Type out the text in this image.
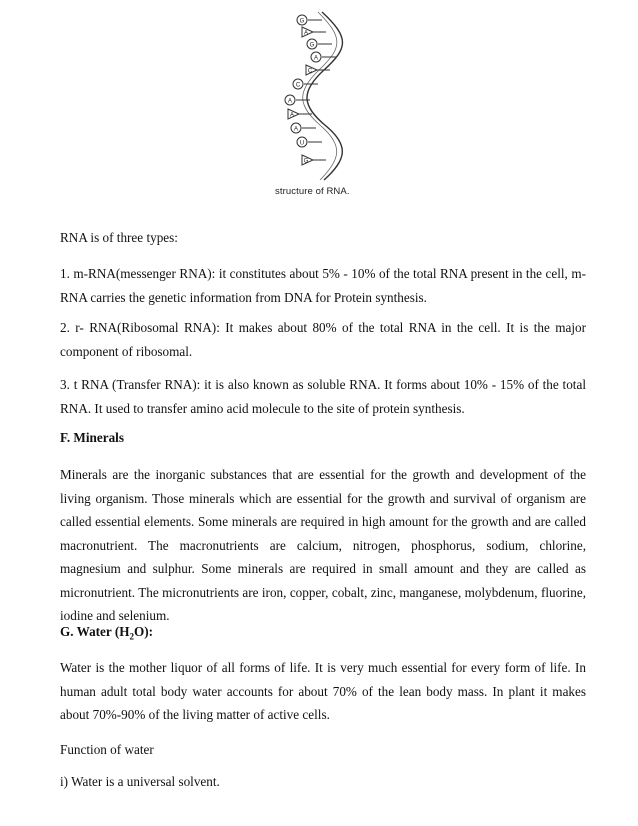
G
A
G
A
C
C
A
A
A
U
G
structure of RNA.

RNA is of three types:

1. m-RNA(messenger RNA): it constitutes about 5% - 10% of the total RNA present in the cell, m-RNA carries the genetic information from DNA for Protein synthesis.

2. r- RNA(Ribosomal RNA): It makes about 80% of the total RNA in the cell. It is the major component of ribosomal.

3. t RNA (Transfer RNA): it is also known as soluble RNA. It forms about 10% - 15% of the total RNA. It used to transfer amino acid molecule to the site of protein synthesis.

F. Minerals

Minerals are the inorganic substances that are essential for the growth and development of the living organism. Those minerals which are essential for the growth and survival of organism are called essential elements. Some minerals are required in high amount for the growth and are called macronutrient. The macronutrients are calcium, nitrogen, phosphorus, sodium, chlorine, magnesium and sulphur. Some minerals are required in small amount and they are called as micronutrient. The micronutrients are iron, copper, cobalt, zinc, manganese, molybdenum, fluorine, iodine and selenium.

G. Water $(H_2O)$:

Water is the mother liquor of all forms of life. It is very much essential for every form of life. In human adult total body water accounts for about 70% of the lean body mass. In plant it makes about 70%-90% of the living matter of active cells.

Function of water

i) Water is a universal solvent.
